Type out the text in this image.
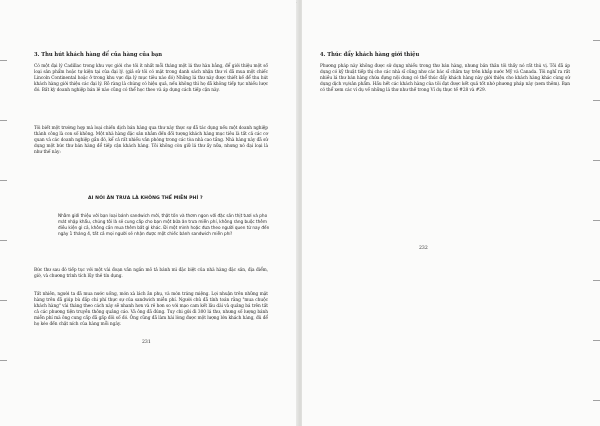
3. Thu hút khách hàng để của hàng của bạn

Có một đại lý Cadillac trong khu vực giới cho tôi ít nhất mỗi tháng một lá thư hàn bằng, để giới thiệu một số loại sản phẩm hoặc tự kiện tại của đại lý. (giả sử tôi có mặt trong danh sách nhận thư vì đã mua một chiếc Lincoln Continental hoặc ở trong khu vực địa lý mục tiêu nào đó) Những lá thư này được thiết kế để thu hút khách hàng giới thiệu các đại lý. Rõ ràng là chúng có hiệu quả, nếu không thì họ đã không tiếp tục nhiều lược đó. Bất kỳ doanh nghiệp bán lẻ nào cũng có thể học theo và áp dụng cách tiếp cận này.

Tôi biết một trường hợp mà loại chiến dịch bán hàng qua thư này thực sự đã tác dụng nếu một doanh nghiệp thành công là con số không. Một nhà hàng đặc sản nhằm đến đối tượng khách hàng mục tiêu là tất cả các cơ quan và các doanh nghiệp gần đó, kể cả rất nhiều văn phòng trong các tòa nhà cao tầng. Nhà hàng này đã sử dụng một bức thư bán hàng để tiếp cận khách hàng. Tôi không còn giữ lá thư ấy nữa, nhưng nó đại loại là như thế này:

AI NÓI ĂN TRƯA LÀ KHÔNG THỂ MIỄN PHÍ ?

Nhằm giới thiệu với bạn loại bánh sandwich mới, thật tốn và thơm ngon với đặc sản thịt tươi và pho mát nhập khẩu, chúng tôi là sẽ cung cấp cho bạn một bữa ăn trưa miễn phí, không ràng buộc thêm điều kiện gì cả, không cần mua thêm bất gì khác. Đi một mình hoặc đưa theo người quen từ nay đến ngày 1 tháng 4, tất cả mọi người sẽ nhận được một chiếc bánh sandwich miễn phí!

Bức thư sau đó tiếp tục với một vài đoạn văn ngắn mô tả bánh mì đặc biệt của nhà hàng đặc sản, địa điểm, giờ, và chương trình tích lũy thẻ tín dụng.

Tất nhiên, người ta đã mua nước uống, món xà lách ăn phụ, và món tráng miệng. Lợi nhuận trên những mặt hàng trên đã giúp bù đắp chi phí thực sự của sandwich miễn phí. Người chủ đã tính toán rằng "mua chuộc khách hàng" vài tháng theo cách này sẽ nhanh hơn và rẻ hơn so với mạo cam kết lâu dài và quảng bá trên tất cả các phương tiện truyền thông quảng cáo. Và ông đã đúng. Tuy chi gửi đi 300 lá thư, nhưng số lượng bánh miễn phí mà ông cung cấp đã gấp đôi số đó. Ông cũng đã làm hài lòng được một lượng lớn khách hàng, đủ để họ kéo đến chật ních của hàng mỗi ngày.

231
4. Thúc đẩy khách hàng giới thiệu

Phương pháp này không được sử dụng nhiều trong thư bán hàng, nhưng bản thân tôi thấy nó rất thú vị. Tôi đã áp dụng có kỹ thuật tiếp thị cho các nhà sĩ cũng như các bác sĩ chăm tay trên khắp nước Mỹ và Canada. Tôi nghĩ ra rất nhiều lá thư bán hàng chứa đựng nội dung có thể thúc đẩy khách hàng này giới thiệu cho khách hàng khác cùng sử dụng dịch vụ/sản phẩm. Hầu hết các khách hàng của tôi đạt được kết quả tốt nhờ phương pháp này (xem thêm). Bạn có thể xem các ví dụ về những lá thư như thế trong Ví dụ thực tế #28 và #29.

232
·
